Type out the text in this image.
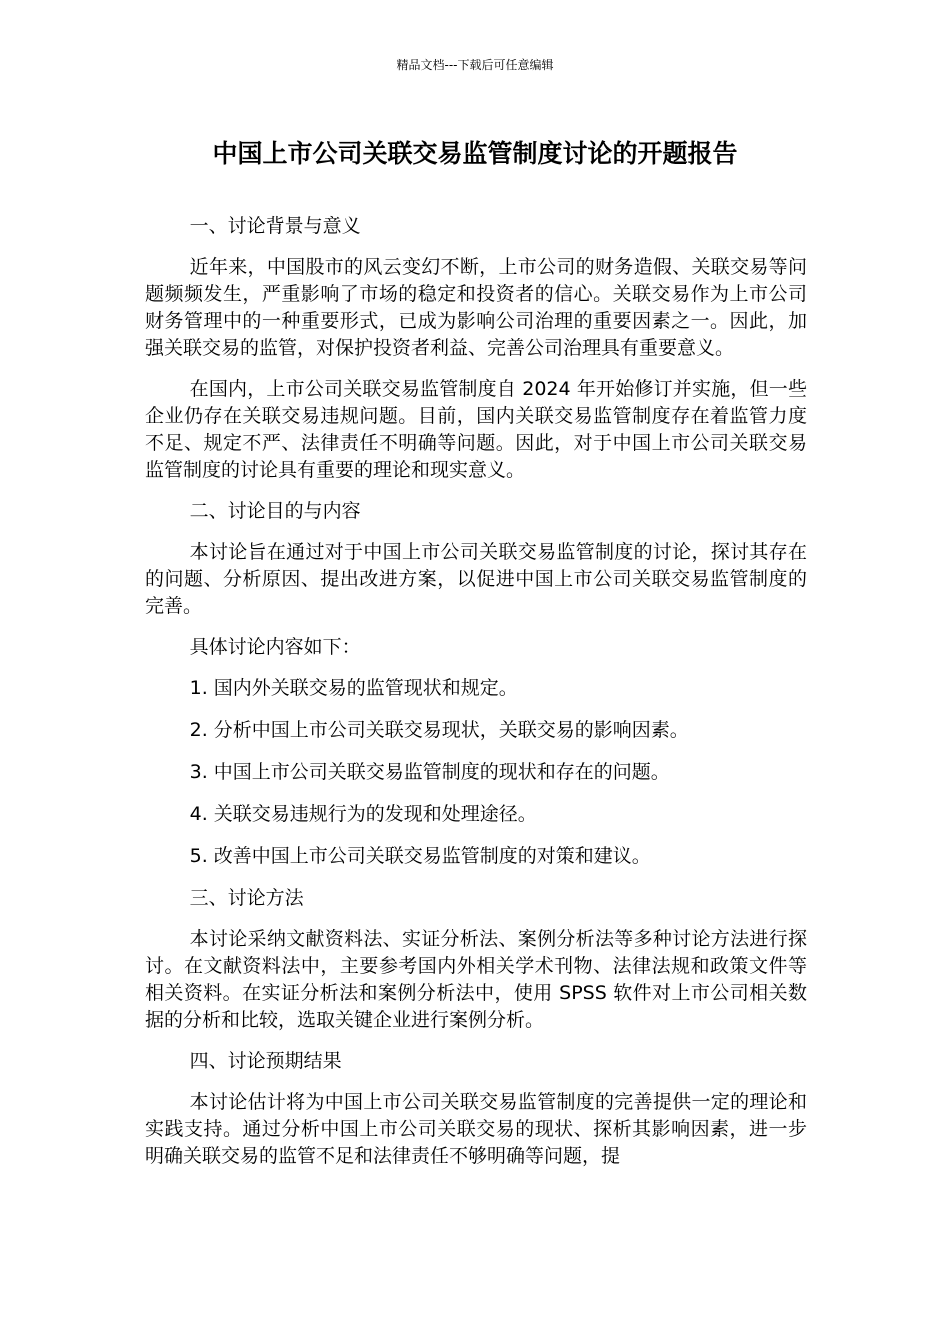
精品文档---下载后可任意编辑
中国上市公司关联交易监管制度讨论的开题报告

一、讨论背景与意义

近年来，中国股市的风云变幻不断，上市公司的财务造假、关联交易等问题频频发生，严重影响了市场的稳定和投资者的信心。关联交易作为上市公司财务管理中的一种重要形式，已成为影响公司治理的重要因素之一。因此，加强关联交易的监管，对保护投资者利益、完善公司治理具有重要意义。

在国内，上市公司关联交易监管制度自 2024 年开始修订并实施，但一些企业仍存在关联交易违规问题。目前，国内关联交易监管制度存在着监管力度不足、规定不严、法律责任不明确等问题。因此，对于中国上市公司关联交易监管制度的讨论具有重要的理论和现实意义。

二、讨论目的与内容

本讨论旨在通过对于中国上市公司关联交易监管制度的讨论，探讨其存在的问题、分析原因、提出改进方案，以促进中国上市公司关联交易监管制度的完善。

具体讨论内容如下：

1. 国内外关联交易的监管现状和规定。

2. 分析中国上市公司关联交易现状，关联交易的影响因素。

3. 中国上市公司关联交易监管制度的现状和存在的问题。

4. 关联交易违规行为的发现和处理途径。

5. 改善中国上市公司关联交易监管制度的对策和建议。

三、讨论方法

本讨论采纳文献资料法、实证分析法、案例分析法等多种讨论方法进行探讨。在文献资料法中，主要参考国内外相关学术刊物、法律法规和政策文件等相关资料。在实证分析法和案例分析法中，使用 SPSS 软件对上市公司相关数据的分析和比较，选取关键企业进行案例分析。

四、讨论预期结果

本讨论估计将为中国上市公司关联交易监管制度的完善提供一定的理论和实践支持。通过分析中国上市公司关联交易的现状、探析其影响因素，进一步明确关联交易的监管不足和法律责任不够明确等问题，提
